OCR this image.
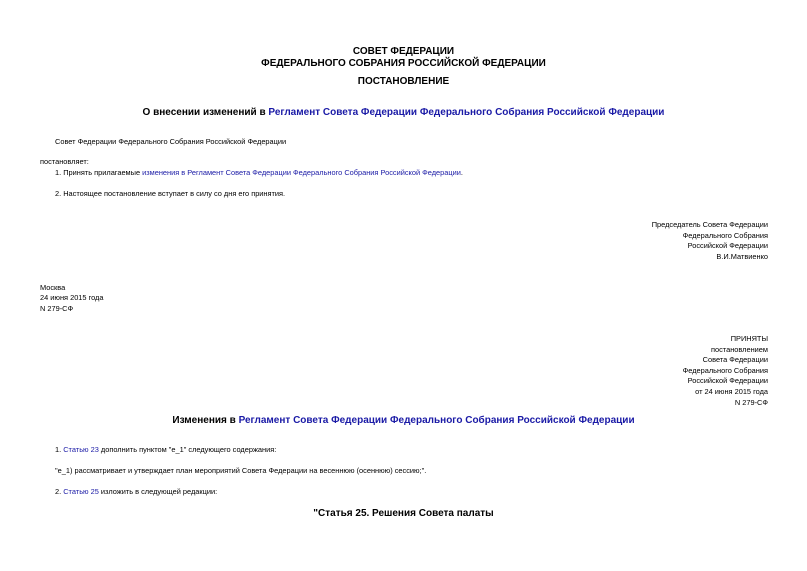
СОВЕТ ФЕДЕРАЦИИ
ФЕДЕРАЛЬНОГО СОБРАНИЯ РОССИЙСКОЙ ФЕДЕРАЦИИ
ПОСТАНОВЛЕНИЕ
О внесении изменений в Регламент Совета Федерации Федерального Собрания Российской Федерации
Совет Федерации Федерального Собрания Российской Федерации
постановляет:
1. Принять прилагаемые изменения в Регламент Совета Федерации Федерального Собрания Российской Федерации.
2. Настоящее постановление вступает в силу со дня его принятия.
Председатель Совета Федерации
Федерального Собрания
Российской Федерации
В.И.Матвиенко
Москва
24 июня 2015 года
N 279-СФ
ПРИНЯТЫ
постановлением
Совета Федерации
Федерального Собрания
Российской Федерации
от 24 июня 2015 года
N 279-СФ
Изменения в Регламент Совета Федерации Федерального Собрания Российской Федерации
1. Статью 23 дополнить пунктом "е_1" следующего содержания:
"е_1) рассматривает и утверждает план мероприятий Совета Федерации на весеннюю (осеннюю) сессию;".
2. Статью 25 изложить в следующей редакции:
"Статья 25. Решения Совета палаты
